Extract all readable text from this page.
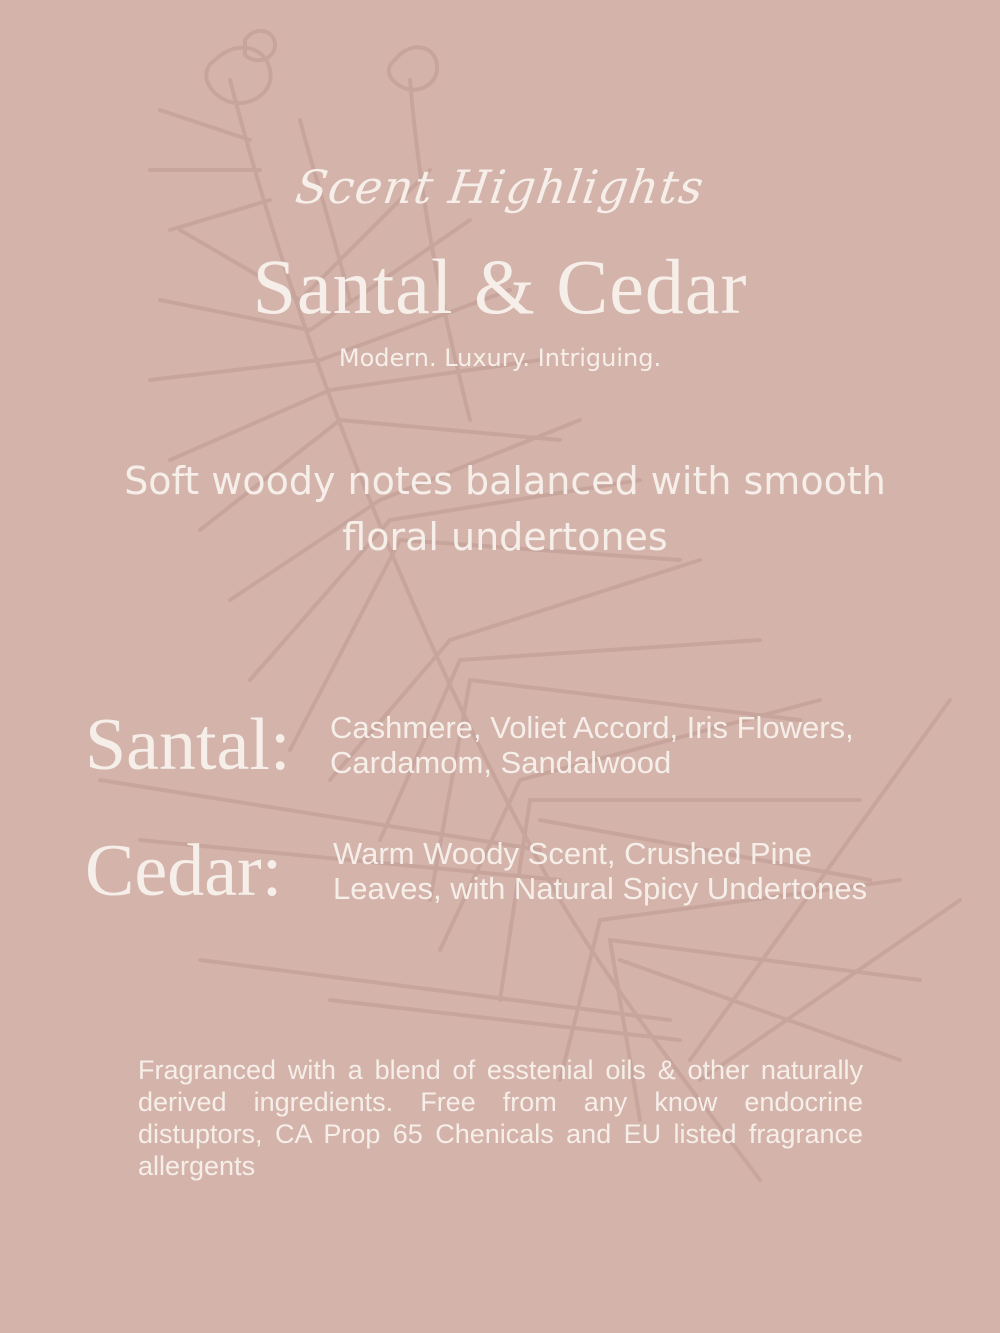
Scent Highlights
Santal & Cedar
Modern. Luxury. Intriguing.
Soft woody notes balanced with smooth floral undertones
Santal:	Cashmere, Voliet Accord, Iris Flowers,
Cardamom, Sandalwood
Cedar:	Warm Woody Scent, Crushed Pine
Leaves, with Natural Spicy Undertones
Fragranced with a blend of esstenial oils & other naturally derived ingredients. Free from any know endocrine distuptors, CA Prop 65 Chenicals and EU listed fragrance allergents
